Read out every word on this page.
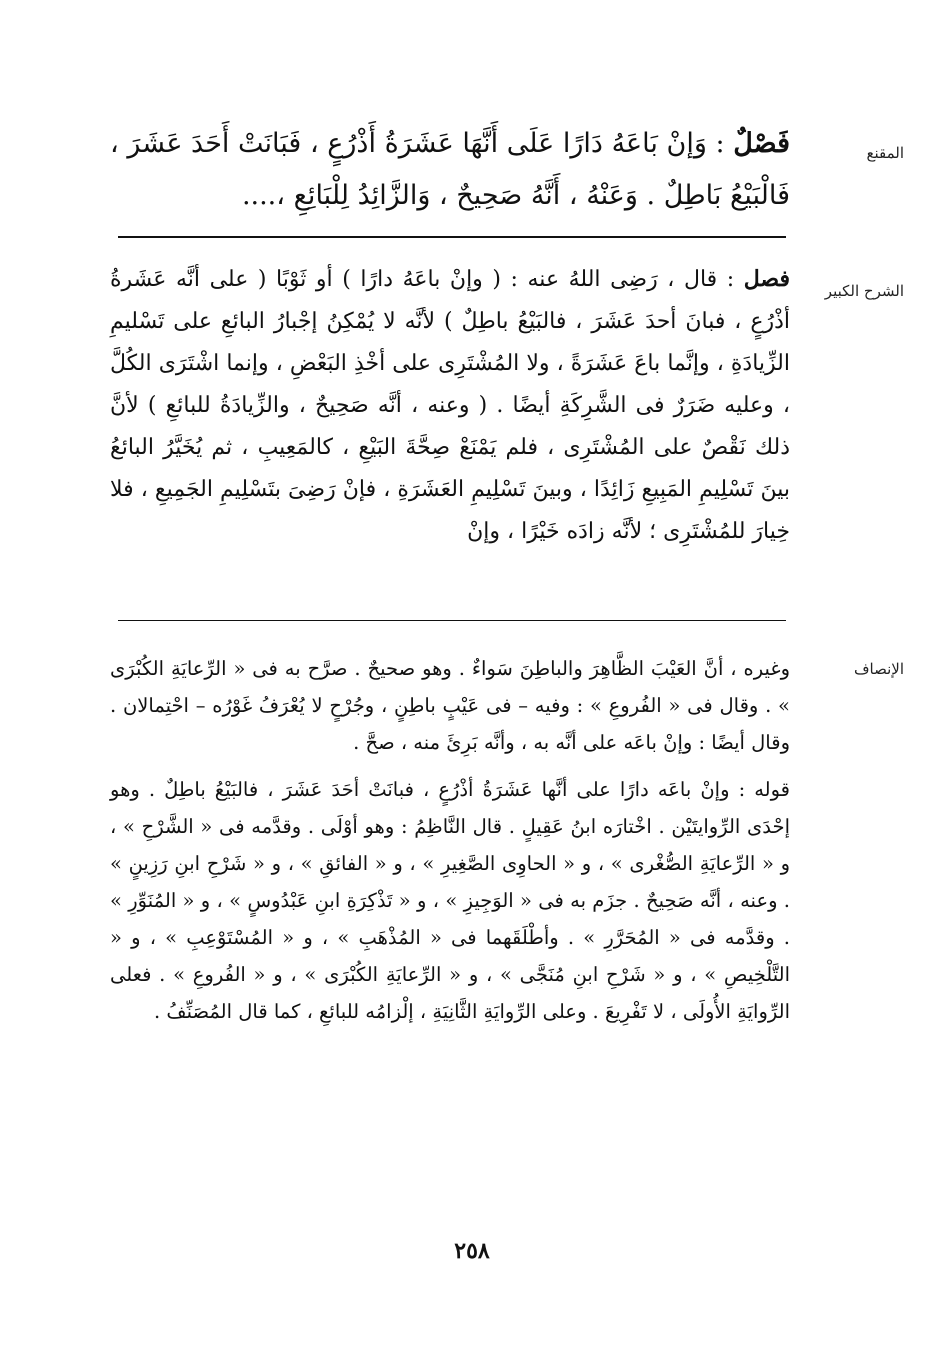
المقنع
الشرح الكبير
الإنصاف

فَصْلٌ : وَإنْ بَاعَهُ دَارًا عَلَى أَنَّهَا عَشَرَةُ أَذْرُعٍ ، فَبَانَتْ أَحَدَ عَشَرَ ، فَالْبَيْعُ بَاطِلٌ . وَعَنْهُ ، أَنَّهُ صَحِيحٌ ، وَالزَّائِدُ لِلْبَائِعِ ،....

فصل : قال ، رَضِى اللهُ عنه : ( وإنْ باعَهُ دارًا ) أو ثَوْبًا ( على أنَّه عَشَرةُ أذْرُعٍ ، فبانَ أحدَ عَشَرَ ، فالبَيْعُ باطِلٌ ) لأنَّه لا يُمْكِنُ إجْبارُ البائعِ على تَسْليمِ الزِّيادَةِ ، وإنَّما باعَ عَشَرَةً ، ولا المُشْتَرِى على أخْذِ البَعْضِ ، وإنما اشْتَرَى الكُلَّ ، وعليه ضَرَرٌ فى الشَّرِكَةِ أيضًا . ( وعنه ، أنَّه صَحِيحٌ ، والزِّيادَةُ للبائعِ ) لأنَّ ذلك نَقْصٌ على المُشْتَرِى ، فلم يَمْنَعْ صِحَّةَ البَيْعِ ، كالمَعِيبِ ، ثم يُخَيَّرُ البائعُ بينَ تَسْلِيمِ المَبِيعِ زَائِدًا ، وبينَ تَسْلِيمِ العَشَرَةِ ، فإنْ رَضِىَ بتَسْلِيمِ الجَمِيعِ ، فلا خِيارَ للمُشْتَرِى ؛ لأنَّه زادَه خَيْرًا ، وإنْ

وغيره ، أنَّ العَيْبَ الظَّاهِرَ والباطِنَ سَواءٌ . وهو صحيحٌ . صرَّح به فى « الرِّعايَةِ الكُبْرَى » . وقال فى « الفُروعِ » : وفيه – فى عَيْبٍ باطِنٍ ، وجُرْحٍ لا يُعْرَفُ غَوْرُه – احْتِمالان . وقال أيضًا : وإنْ باعَه على أنَّه به ، وأنَّه بَرِئَ منه ، صحَّ .

قوله : وإنْ باعَه دارًا على أنَّها عَشَرَةُ أذْرُعٍ ، فبانَتْ أحَدَ عَشَرَ ، فالبَيْعُ باطِلٌ . وهو إحْدَى الرِّوايتَيْن . اخْتارَه ابنُ عَقِيلٍ . قال النَّاظِمُ : وهو أوْلَى . وقدَّمه فى « الشَّرْحِ » ، و « الرِّعايَةِ الصُّغْرى » ، و « الحاوِى الصَّغِيرِ » ، و « الفائقِ » ، و « شَرْحِ ابنِ رَزِينٍ » . وعنه ، أنَّه صَحِيحٌ . جزَم به فى « الوَجِيزِ » ، و « تَذْكِرَةِ ابنِ عَبْدُوسٍ » ، و « المُنَوِّرِ » . وقدَّمه فى « المُحَرَّرِ » . وأطْلَقَهما فى « المُذْهَبِ » ، و « المُسْتَوْعِبِ » ، و « التَّلْخِيصِ » ، و « شَرْحِ ابنِ مُنَجَّى » ، و « الرِّعايَةِ الكُبْرَى » ، و « الفُروعِ » . فعلى الرِّوايَةِ الأُولَى ، لا تَفْرِيعَ . وعلى الرِّوايَةِ الثَّانِيَةِ ، إلْزامُه للبائعِ ، كما قال المُصَنِّفُ .

٢٥٨
